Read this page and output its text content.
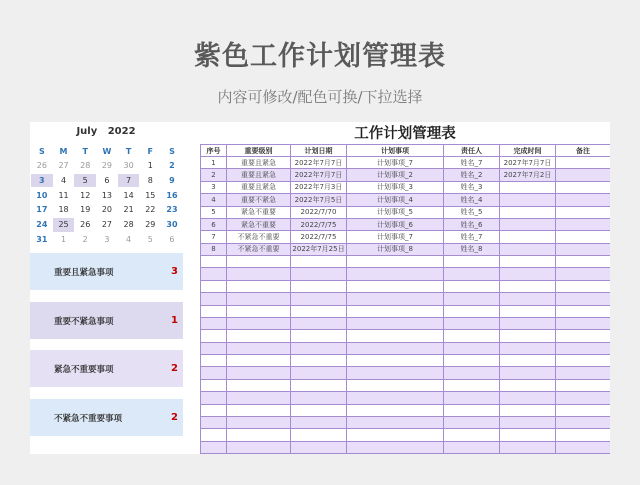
紫色工作计划管理表
内容可修改/配色可换/下拉选择
July 2022
S	M	T	W	T	F	S
26	27	28	29	30	1	2
3	4	5	6	7	8	9
10	11	12	13	14	15	16
17	18	19	20	21	22	23
24	25	26	27	28	29	30
31	1	2	3	4	5	6
重要且紧急事项	3
重要不紧急事项	1
紧急不重要事项	2
不紧急不重要事项	2
工作计划管理表
序号	重要级别	计划日期	计划事项	责任人	完成时间	备注
1	重要且紧急	2022年7月7日	计划事项_7	姓名_7	2027年7月7日	
2	重要且紧急	2022年7月7日	计划事项_2	姓名_2	2027年7月2日	
3	重要且紧急	2022年7月3日	计划事项_3	姓名_3		
4	重要不紧急	2022年7月5日	计划事项_4	姓名_4		
5	紧急不重要	2022/7/70	计划事项_5	姓名_5		
6	紧急不重要	2022/7/75	计划事项_6	姓名_6		
7	不紧急不重要	2022/7/75	计划事项_7	姓名_7		
8	不紧急不重要	2022年7月25日	计划事项_8	姓名_8		
